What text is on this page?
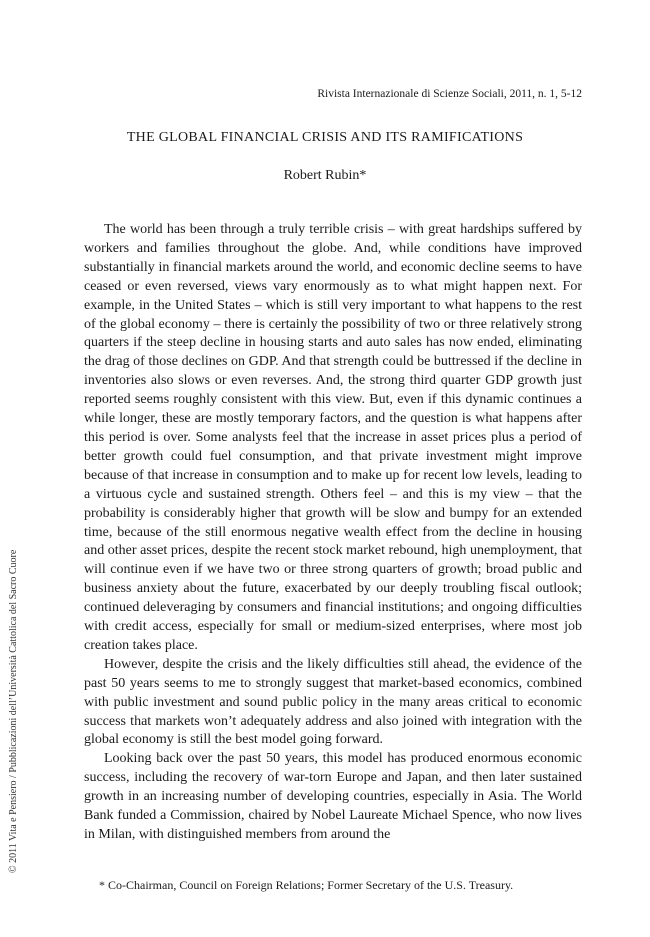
Rivista Internazionale di Scienze Sociali, 2011, n. 1, 5-12
THE GLOBAL FINANCIAL CRISIS AND ITS RAMIFICATIONS
Robert Rubin*

The world has been through a truly terrible crisis – with great hardships suffered by workers and families throughout the globe. And, while conditions have improved substantially in financial markets around the world, and economic decline seems to have ceased or even reversed, views vary enormously as to what might happen next. For example, in the United States – which is still very important to what happens to the rest of the global economy – there is certainly the possibility of two or three relatively strong quarters if the steep decline in housing starts and auto sales has now ended, eliminating the drag of those declines on GDP. And that strength could be buttressed if the decline in inventories also slows or even reverses. And, the strong third quarter GDP growth just reported seems roughly consistent with this view. But, even if this dynamic continues a while longer, these are mostly temporary factors, and the question is what happens after this period is over. Some analysts feel that the increase in asset prices plus a period of better growth could fuel consumption, and that private investment might improve because of that increase in consumption and to make up for recent low levels, leading to a virtuous cycle and sustained strength. Others feel – and this is my view – that the probability is considerably higher that growth will be slow and bumpy for an extended time, because of the still enormous negative wealth effect from the decline in housing and other asset prices, despite the recent stock market rebound, high unemployment, that will continue even if we have two or three strong quarters of growth; broad public and business anxiety about the future, exacerbated by our deeply troubling fiscal outlook; continued deleveraging by consumers and financial institutions; and ongoing difficulties with credit access, especially for small or medium-sized enterprises, where most job creation takes place.

However, despite the crisis and the likely difficulties still ahead, the evidence of the past 50 years seems to me to strongly suggest that market-based economics, combined with public investment and sound public policy in the many areas critical to economic success that markets won’t adequately address and also joined with integration with the global economy is still the best model going forward.

Looking back over the past 50 years, this model has produced enormous economic success, including the recovery of war-torn Europe and Japan, and then later sustained growth in an increasing number of developing countries, especially in Asia. The World Bank funded a Commission, chaired by Nobel Laureate Michael Spence, who now lives in Milan, with distinguished members from around the

* Co-Chairman, Council on Foreign Relations; Former Secretary of the U.S. Treasury.
© 2011 Vita e Pensiero / Pubblicazioni dell’Università Cattolica del Sacro Cuore
